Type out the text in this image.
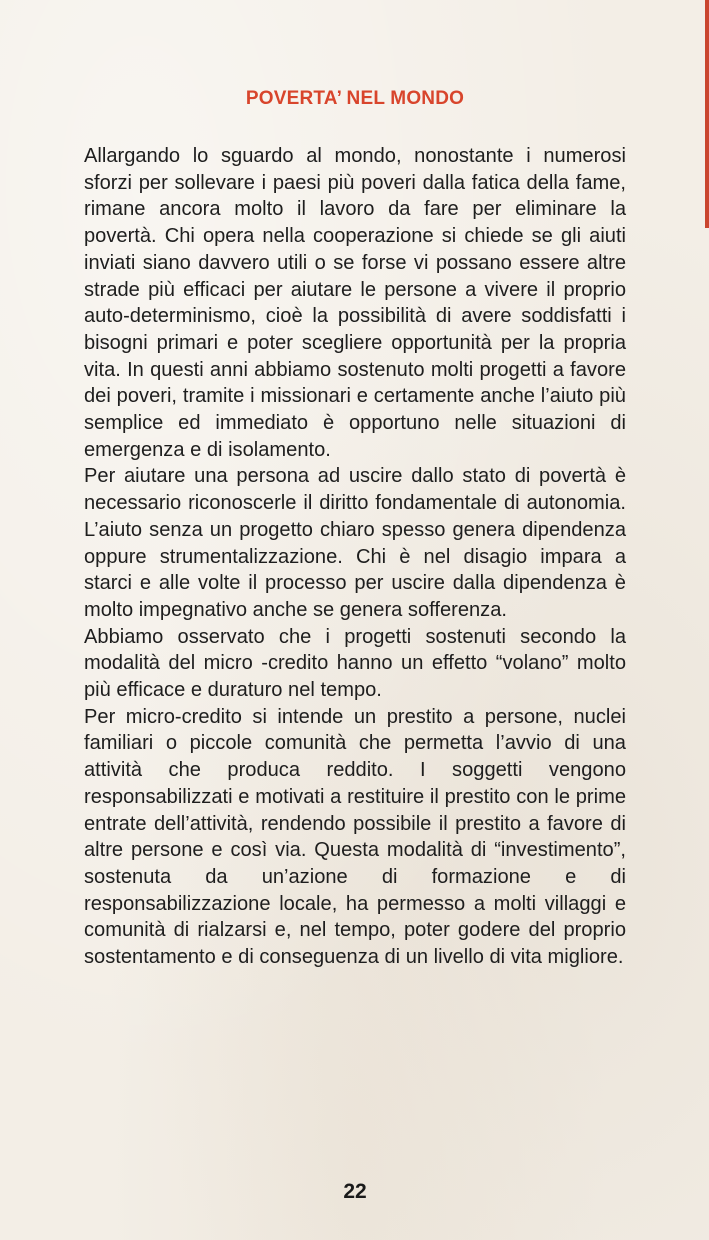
POVERTA’ NEL MONDO

Allargando lo sguardo al mondo, nonostante i numerosi sforzi per sollevare i paesi più poveri dalla fatica della fame, rimane ancora molto il lavoro da fare per eliminare la povertà. Chi opera nella cooperazione si chiede se gli aiuti inviati siano davvero utili o se forse vi possano essere altre strade più efficaci per aiutare le persone a vivere il proprio auto-determinismo, cioè la possibilità di avere soddisfatti i bisogni primari e poter scegliere opportunità per la propria vita. In questi anni abbiamo sostenuto molti progetti a favore dei poveri, tramite i missionari e certamente anche l’aiuto più semplice ed immediato è opportuno nelle situazioni di emergenza e di isolamento.

Per aiutare una persona ad uscire dallo stato di povertà è necessario riconoscerle il diritto fondamentale di autonomia. L’aiuto senza un progetto chiaro spesso genera dipendenza oppure strumentalizzazione. Chi è nel disagio impara a starci e alle volte il processo per uscire dalla dipendenza è molto impegnativo anche se genera sofferenza.

Abbiamo osservato che i progetti sostenuti secondo la modalità del micro -credito hanno un effetto “volano” molto più efficace e duraturo nel tempo.

Per micro-credito si intende un prestito a persone, nuclei familiari o piccole comunità che permetta l’avvio di una attività che produca reddito. I soggetti vengono responsabilizzati e motivati a restituire il prestito con le prime entrate dell’attività, rendendo possibile il prestito a favore di altre persone e così via. Questa modalità di “investimento”, sostenuta da un’azione di formazione e di responsabilizzazione locale, ha permesso a molti villaggi e comunità di rialzarsi e, nel tempo, poter godere del proprio sostentamento e di conseguenza di un livello di vita migliore.

22
